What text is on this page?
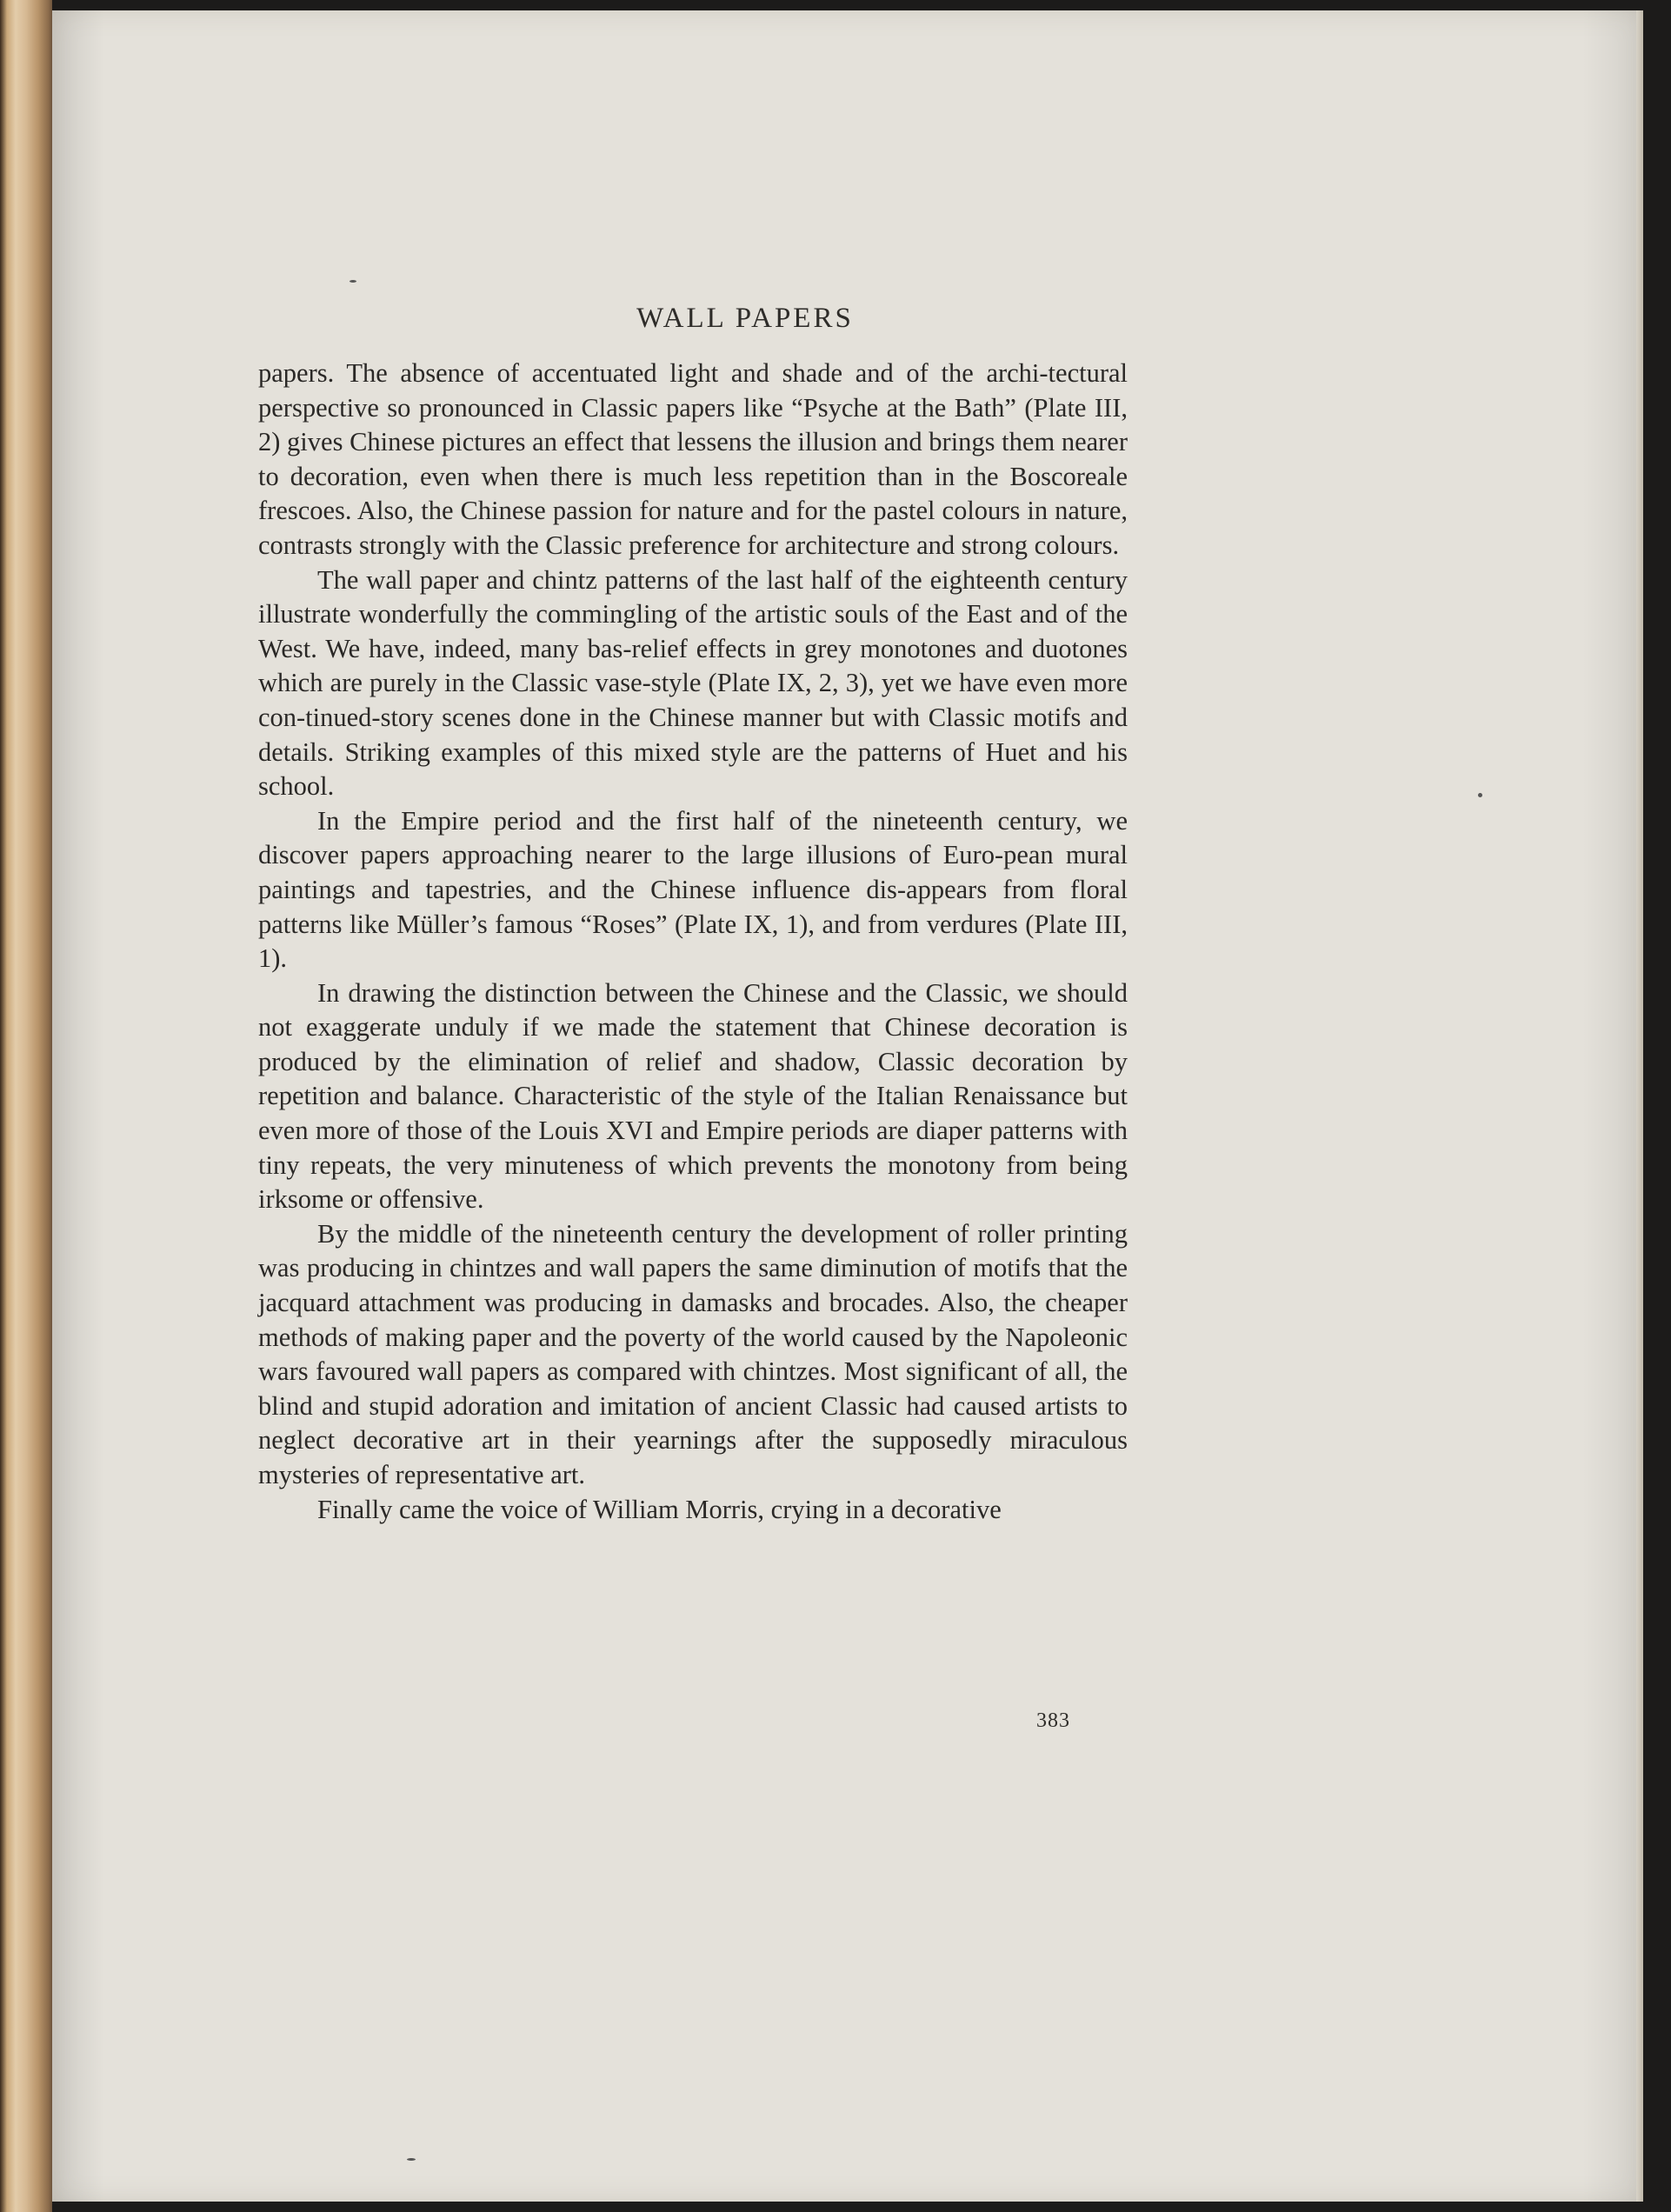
WALL PAPERS

papers. The absence of accentuated light and shade and of the archi-tectural perspective so pronounced in Classic papers like “Psyche at the Bath” (Plate III, 2) gives Chinese pictures an effect that lessens the illusion and brings them nearer to decoration, even when there is much less repetition than in the Boscoreale frescoes. Also, the Chinese passion for nature and for the pastel colours in nature, contrasts strongly with the Classic preference for architecture and strong colours.

The wall paper and chintz patterns of the last half of the eighteenth century illustrate wonderfully the commingling of the artistic souls of the East and of the West. We have, indeed, many bas-relief effects in grey monotones and duotones which are purely in the Classic vase-style (Plate IX, 2, 3), yet we have even more con-tinued-story scenes done in the Chinese manner but with Classic motifs and details. Striking examples of this mixed style are the patterns of Huet and his school.

In the Empire period and the first half of the nineteenth century, we discover papers approaching nearer to the large illusions of Euro-pean mural paintings and tapestries, and the Chinese influence dis-appears from floral patterns like Müller’s famous “Roses” (Plate IX, 1), and from verdures (Plate III, 1).

In drawing the distinction between the Chinese and the Classic, we should not exaggerate unduly if we made the statement that Chinese decoration is produced by the elimination of relief and shadow, Classic decoration by repetition and balance. Characteristic of the style of the Italian Renaissance but even more of those of the Louis XVI and Empire periods are diaper patterns with tiny repeats, the very minuteness of which prevents the monotony from being irksome or offensive.

By the middle of the nineteenth century the development of roller printing was producing in chintzes and wall papers the same diminution of motifs that the jacquard attachment was producing in damasks and brocades. Also, the cheaper methods of making paper and the poverty of the world caused by the Napoleonic wars favoured wall papers as compared with chintzes. Most significant of all, the blind and stupid adoration and imitation of ancient Classic had caused artists to neglect decorative art in their yearnings after the supposedly miraculous mysteries of representative art.

Finally came the voice of William Morris, crying in a decorative

383
